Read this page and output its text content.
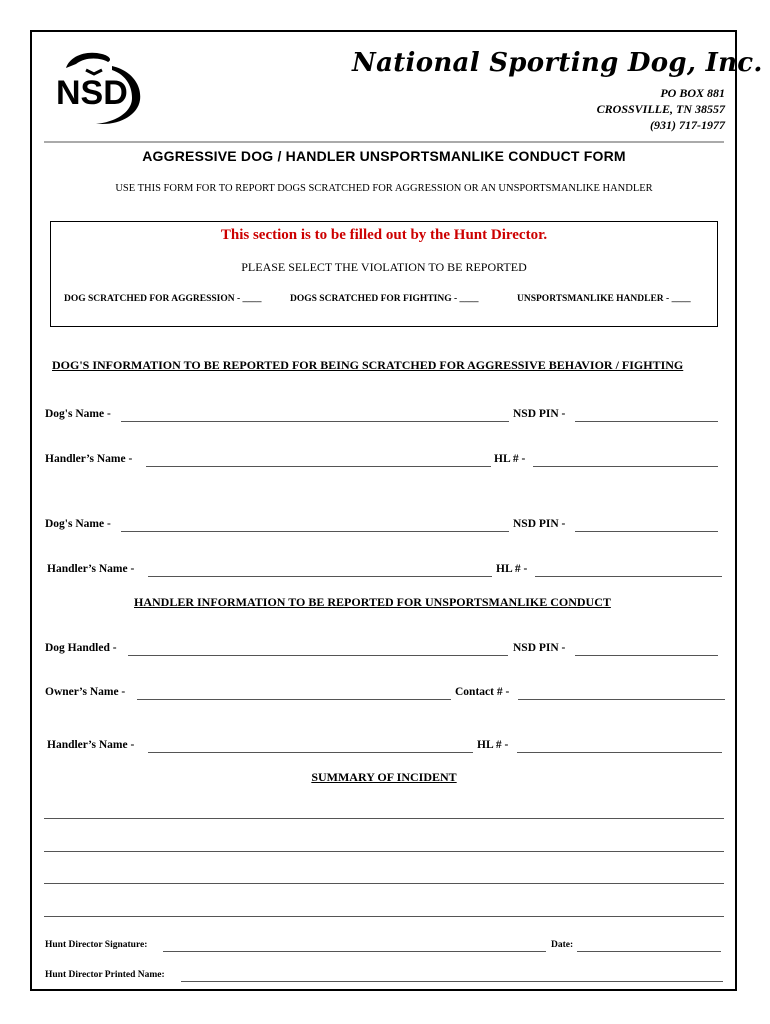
NSD
National Sporting Dog, Inc.
PO BOX 881
CROSSVILLE, TN 38557
(931) 717-1977
AGGRESSIVE DOG / HANDLER UNSPORTSMANLIKE CONDUCT FORM
USE THIS FORM FOR TO REPORT DOGS SCRATCHED FOR AGGRESSION OR AN UNSPORTSMANLIKE HANDLER
This section is to be filled out by the Hunt Director.
PLEASE SELECT THE VIOLATION TO BE REPORTED
DOG SCRATCHED FOR AGGRESSION - ____	DOGS SCRATCHED FOR FIGHTING - ____	UNSPORTSMANLIKE HANDLER - ____
DOG'S INFORMATION TO BE REPORTED FOR BEING SCRATCHED FOR AGGRESSIVE BEHAVIOR / FIGHTING
Dog's Name -	NSD PIN -
Handler’s Name -	HL # -
Dog's Name -	NSD PIN -
Handler’s Name -	HL # -
HANDLER INFORMATION TO BE REPORTED FOR UNSPORTSMANLIKE CONDUCT
Dog Handled -	NSD PIN -
Owner’s Name -	Contact # -
Handler’s Name -	HL # -
SUMMARY OF INCIDENT
Hunt Director Signature:	Date:
Hunt Director Printed Name:
